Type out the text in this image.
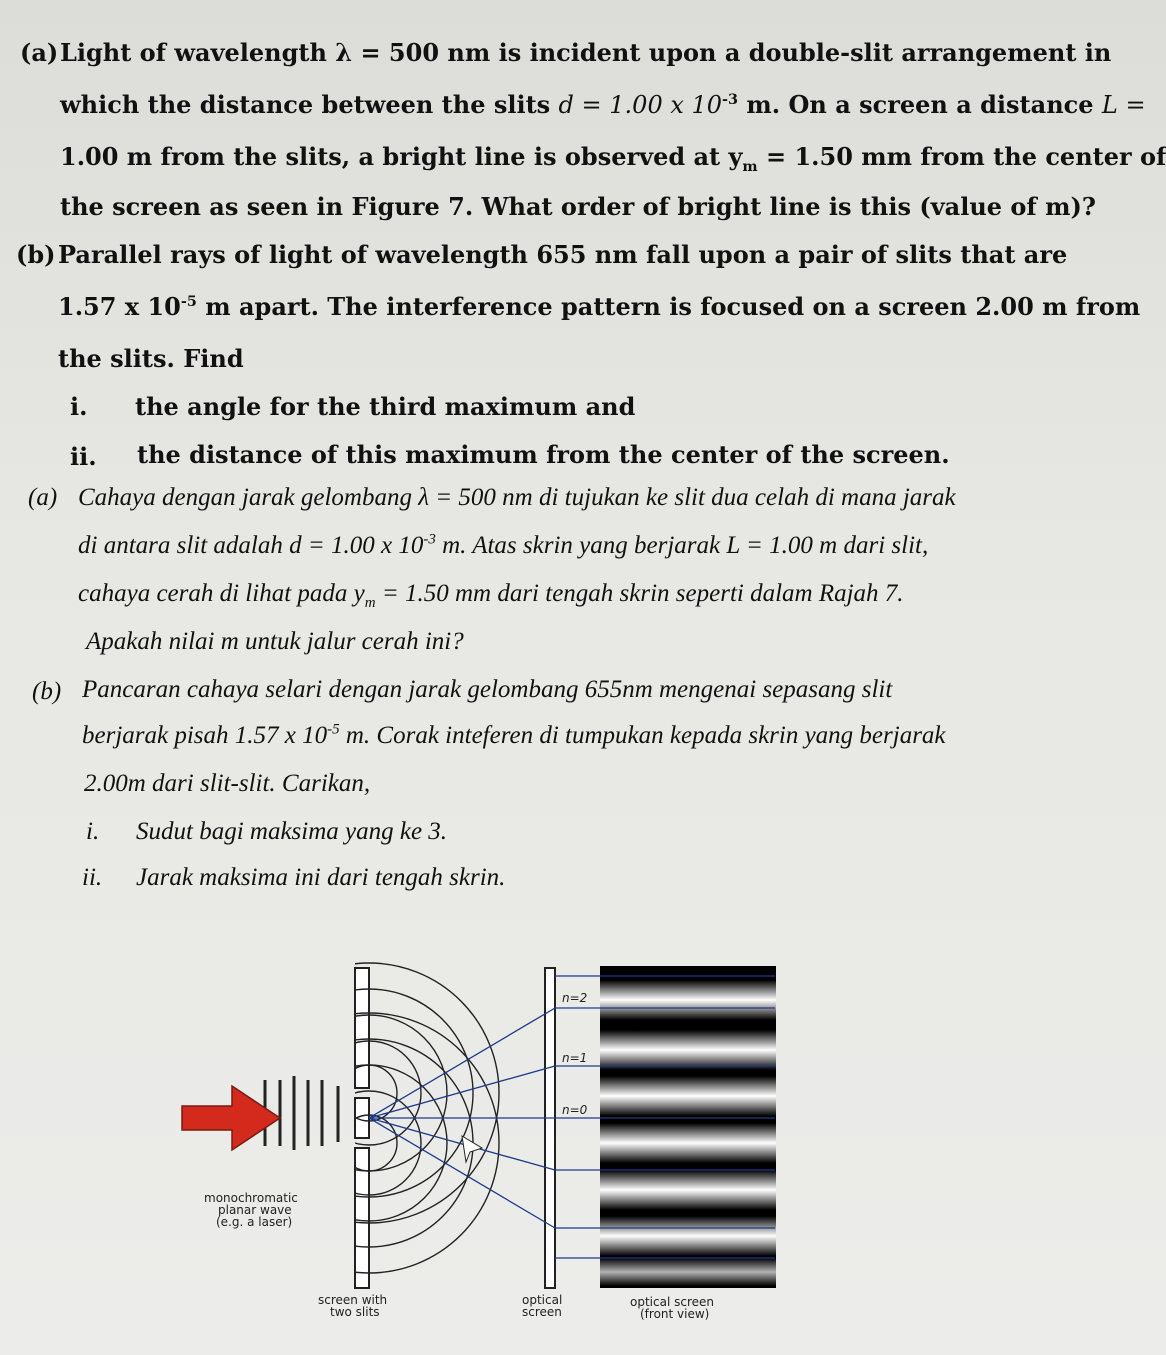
(a) Light of wavelength λ = 500 nm is incident upon a double-slit arrangement in
which the distance between the slits d = 1.00 x $10^{-3}$ m. On a screen a distance L =
1.00 m from the slits, a bright line is observed at $y_m = 1.50$ mm from the center of
the screen as seen in Figure 7. What order of bright line is this (value of m)?
(b) Parallel rays of light of wavelength 655 nm fall upon a pair of slits that are
1.57 x $10^{-5}$ m apart. The interference pattern is focused on a screen 2.00 m from
the slits. Find
i. the angle for the third maximum and
ii. the distance of this maximum from the center of the screen.
(a) Cahaya dengan jarak gelombang λ = 500 nm di tujukan ke slit dua celah di mana jarak
di antara slit adalah d = 1.00 x $10^{-3}$ m. Atas skrin yang berjarak L = 1.00 m dari slit,
cahaya cerah di lihat pada $y_m = 1.50$ mm dari tengah skrin seperti dalam Rajah 7.
Apakah nilai m untuk jalur cerah ini?
(b) Pancaran cahaya selari dengan jarak gelombang 655nm mengenai sepasang slit
berjarak pisah 1.57 x $10^{-5}$ m. Corak inteferen di tumpukan kepada skrin yang berjarak
2.00m dari slit-slit. Carikan,
i. Sudut bagi maksima yang ke 3.
ii. Jarak maksima ini dari tengah skrin.
n=2
n=1
n=0
monochromatic
planar wave
(e.g. a laser)
screen with
two slits
optical
screen
optical screen
(front view)
